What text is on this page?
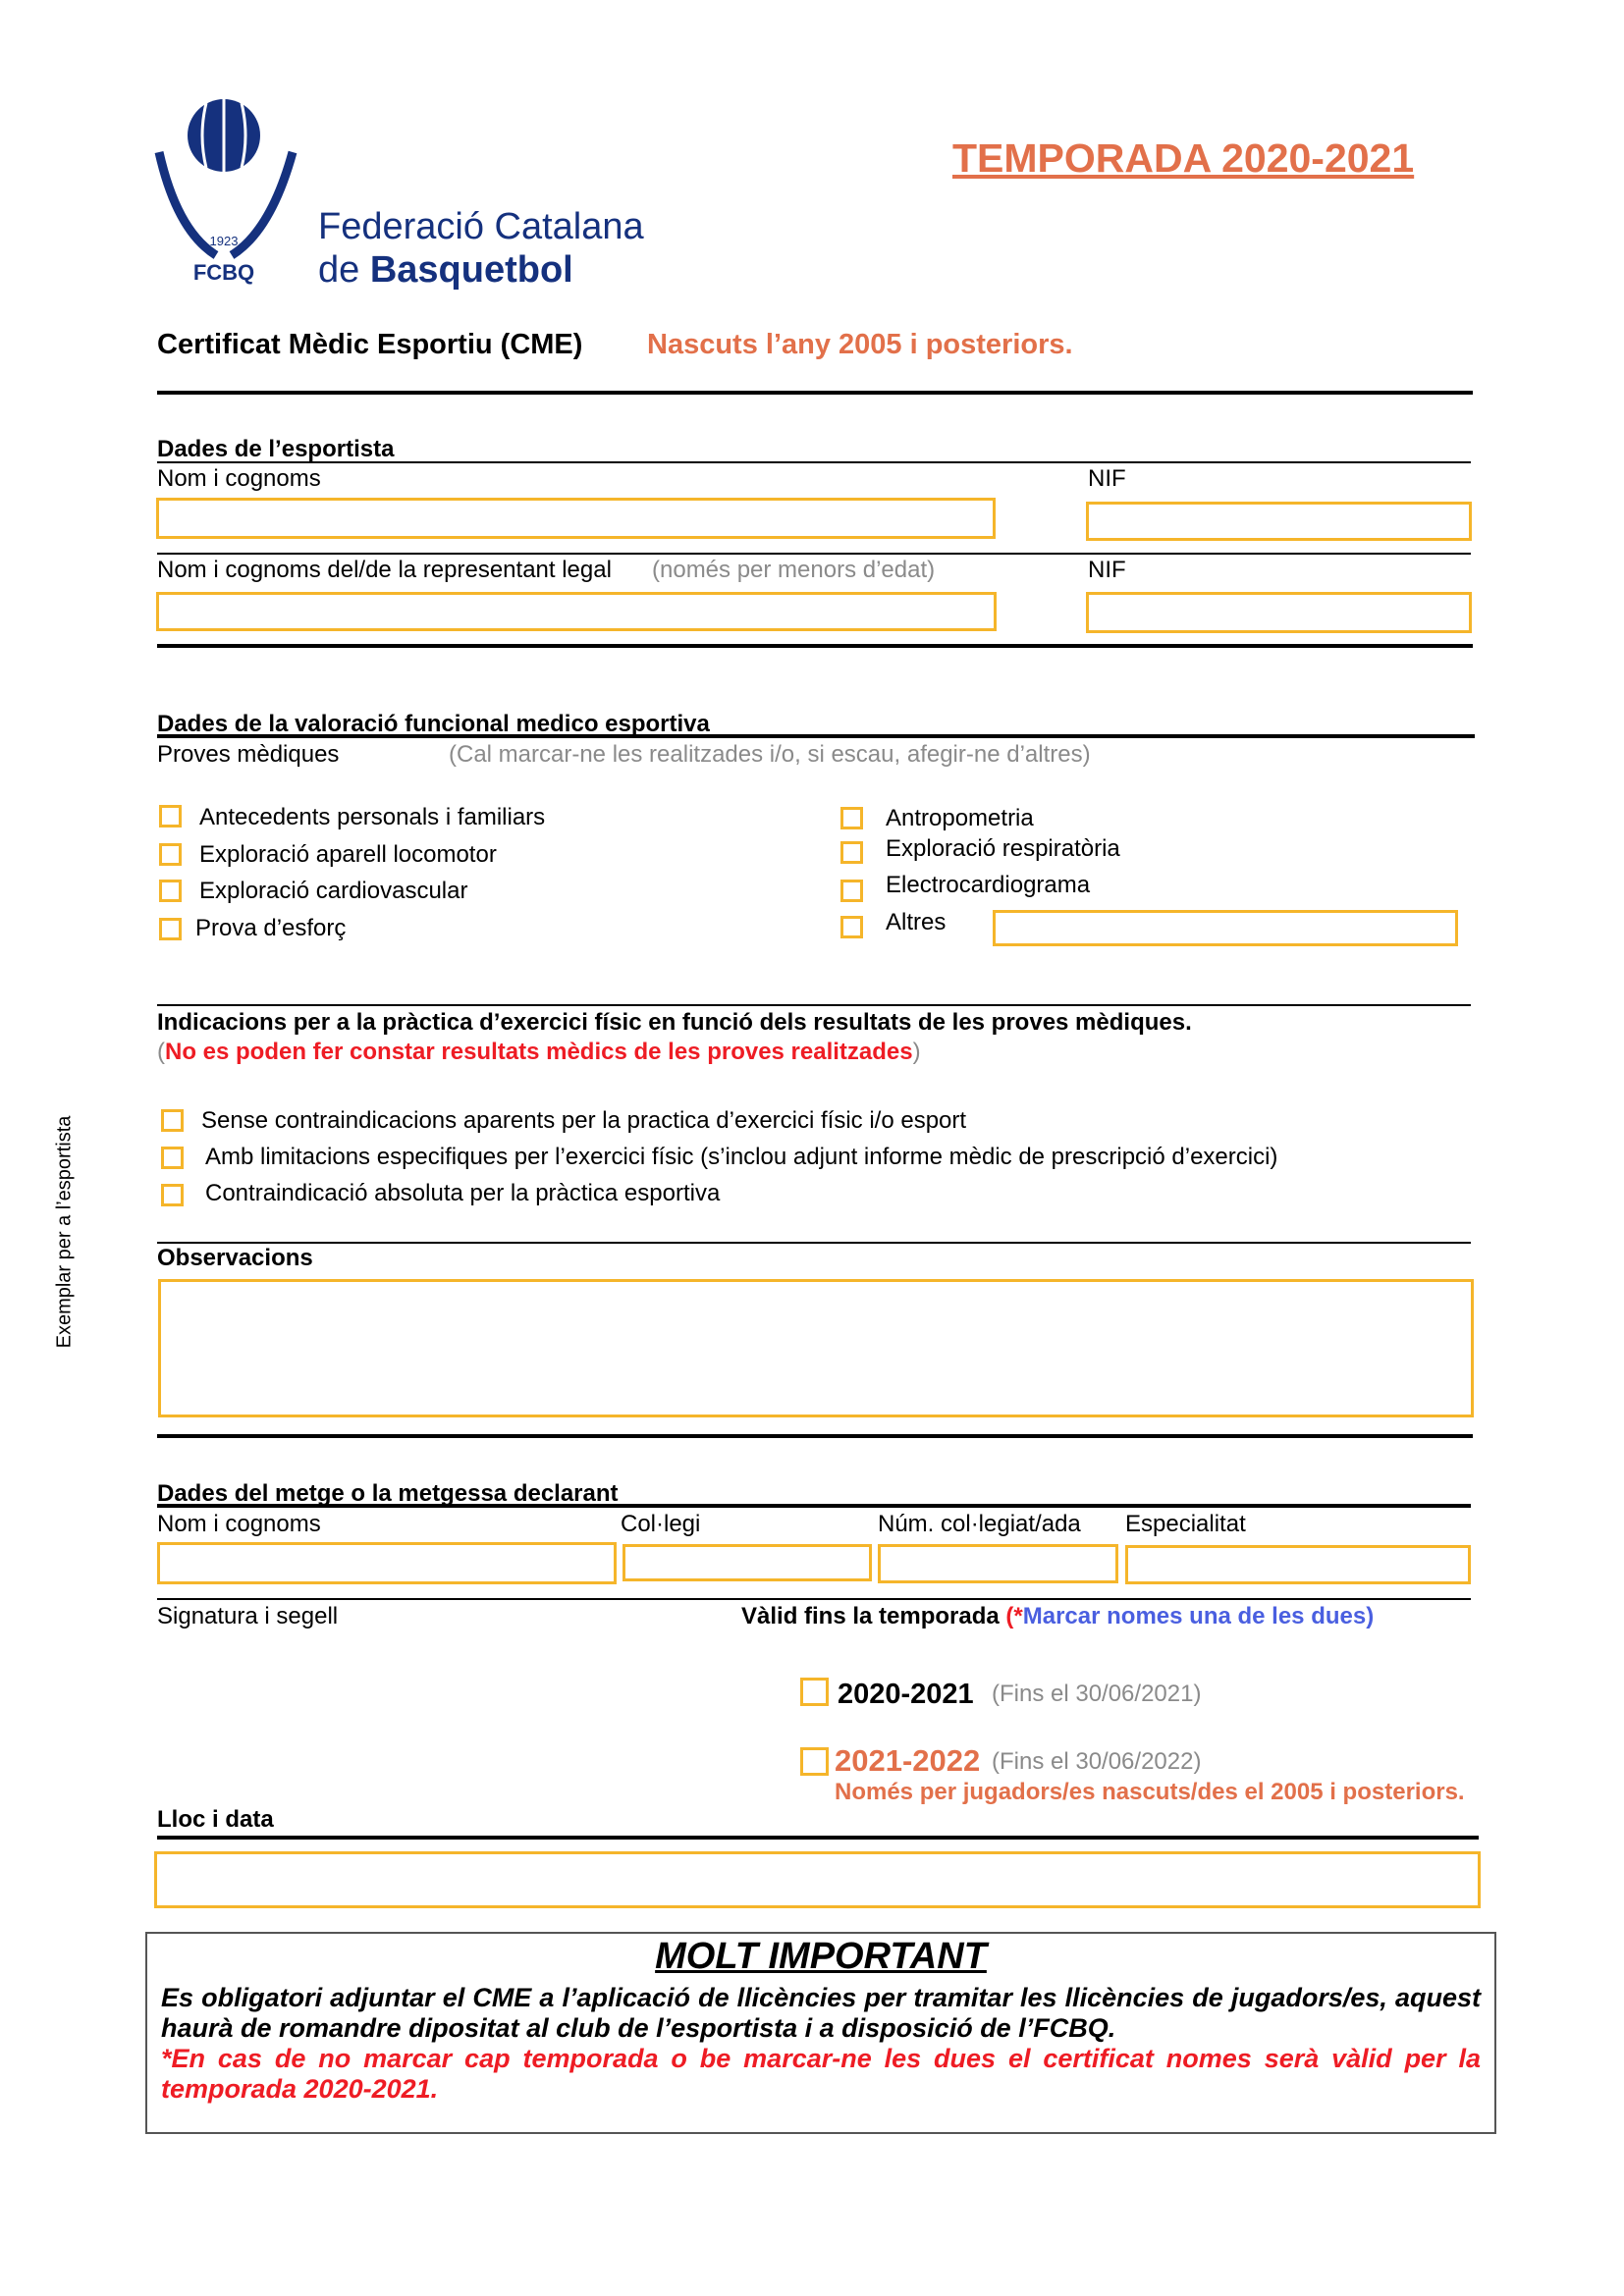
1923
FCBQ
Federació Catalana
de Basquetbol
TEMPORADA 2020-2021
Certificat Mèdic Esportiu (CME) Nascuts l’any 2005 i posteriors.
Dades de l’esportista
Nom i cognoms	NIF
Nom i cognoms del/de la representant legal (només per menors d’edat)	NIF
Dades de la valoració funcional medico esportiva
Proves mèdiques	(Cal marcar-ne les realitzades i/o, si escau, afegir-ne d’altres)
Antecedents personals i familiars
Exploració aparell locomotor
Exploració cardiovascular
Prova d’esforç
Antropometria
Exploració respiratòria
Electrocardiograma
Altres
Indicacions per a la pràctica d’exercici físic en funció dels resultats de les proves mèdiques.
(No es poden fer constar resultats mèdics de les proves realitzades)
Sense contraindicacions aparents per la practica d’exercici físic i/o esport
Amb limitacions especifiques per l’exercici físic (s’inclou adjunt informe mèdic de prescripció d’exercici)
Contraindicació absoluta per la pràctica esportiva
Observacions
Dades del metge o la metgessa declarant
Nom i cognoms	Col·legi	Núm. col·legiat/ada Especialitat
Signatura i segell	Vàlid fins la temporada (*Marcar nomes una de les dues)
2020-2021 (Fins el 30/06/2021)
2021-2022 (Fins el 30/06/2022)
Només per jugadors/es nascuts/des el 2005 i posteriors.
Lloc i data
MOLT IMPORTANT
Es obligatori adjuntar el CME a l’aplicació de llicències per tramitar les llicències de jugadors/es, aquest haurà de romandre dipositat al club de l’esportista i a disposició de l’FCBQ.
*En cas de no marcar cap temporada o be marcar-ne les dues el certificat nomes serà vàlid per la temporada 2020-2021.
Exemplar per a l’esportista
